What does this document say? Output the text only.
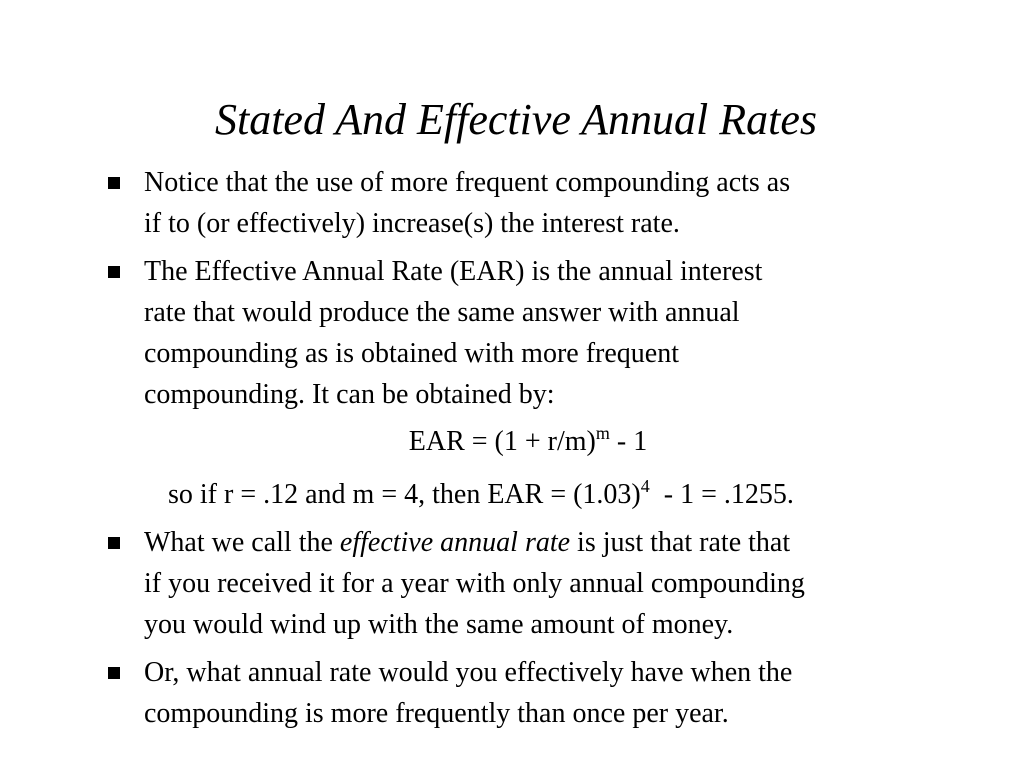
Stated And Effective Annual Rates
Notice that the use of more frequent compounding acts as
if to (or effectively) increase(s) the interest rate.
The Effective Annual Rate (EAR) is the annual interest
rate that would produce the same answer with annual
compounding as is obtained with more frequent
compounding. It can be obtained by:
EAR = $(1 + r/m)^m - 1$
so if r = .12 and m = 4, then EAR = $(1.03)^4 - 1 = .1255$.
What we call the effective annual rate is just that rate that
if you received it for a year with only annual compounding
you would wind up with the same amount of money.
Or, what annual rate would you effectively have when the
compounding is more frequently than once per year.
